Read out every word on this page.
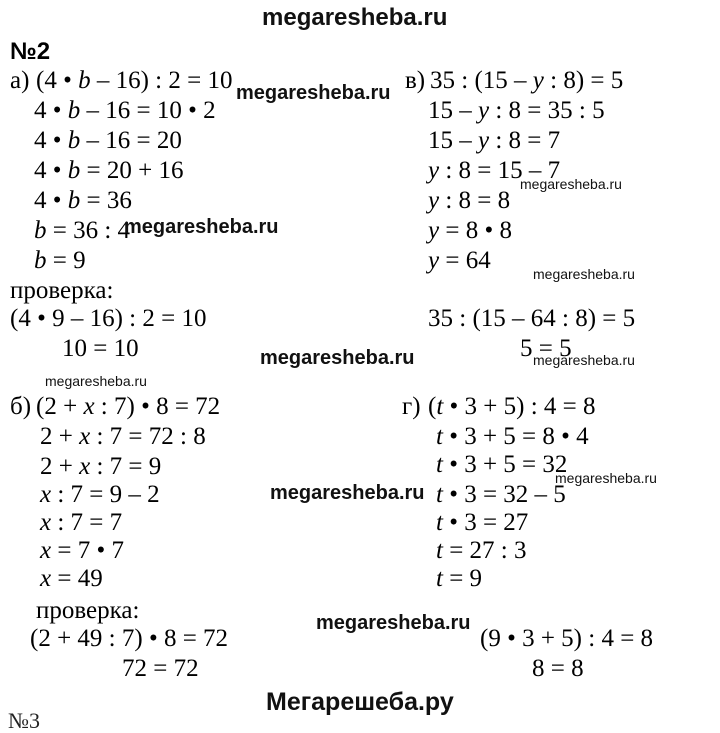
megaresheba.ru
№2
а) (4 • b – 16) : 2 = 10
4 • b – 16 = 10 • 2
4 • b – 16 = 20
4 • b = 20 + 16
4 • b = 36
b = 36 : 4
b = 9
проверка:
(4 • 9 – 16) : 2 = 10
10 = 10
в) 35 : (15 – y : 8) = 5
15 – y : 8 = 35 : 5
15 – y : 8 = 7
y : 8 = 15 – 7
y : 8 = 8
y = 8 • 8
y = 64
35 : (15 – 64 : 8) = 5
5 = 5
б) (2 + x : 7) • 8 = 72
2 + x : 7 = 72 : 8
2 + x : 7 = 9
x : 7 = 9 – 2
x : 7 = 7
x = 7 • 7
x = 49
проверка:
(2 + 49 : 7) • 8 = 72
72 = 72
г) (t • 3 + 5) : 4 = 8
t • 3 + 5 = 8 • 4
t • 3 + 5 = 32
t • 3 = 32 – 5
t • 3 = 27
t = 27 : 3
t = 9
(9 • 3 + 5) : 4 = 8
8 = 8
megaresheba.ru
megaresheba.ru
megaresheba.ru
megaresheba.ru
megaresheba.ru	megaresheba.ru
megaresheba.ru
megaresheba.ru
megaresheba.ru
megaresheba.ru
№3
Мегарешеба.ру
